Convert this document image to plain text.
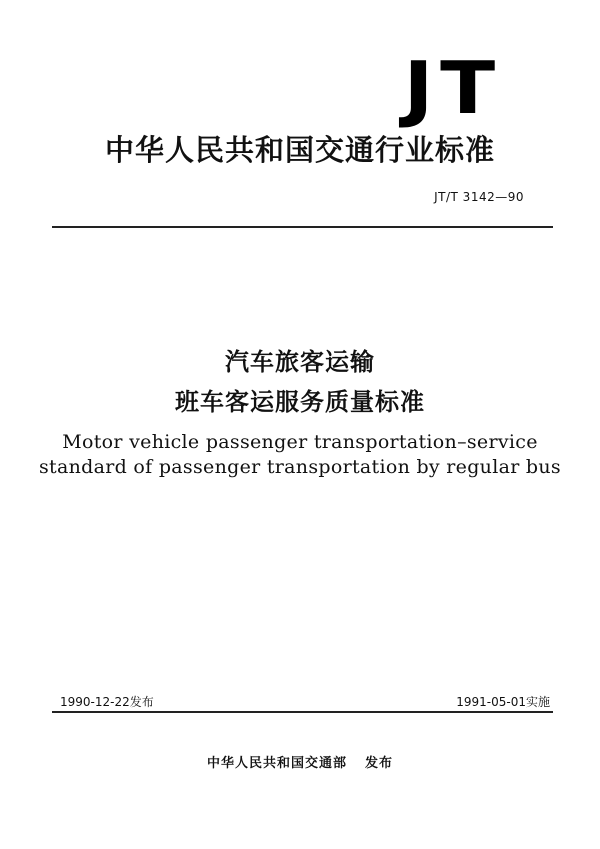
JT
中华人民共和国交通行业标准
JT/T 3142—90
汽车旅客运输
班车客运服务质量标准
Motor vehicle passenger transportation–service
standard of passenger transportation by regular bus
1990-12-22发布	1991-05-01实施
中华人民共和国交通部 发布
